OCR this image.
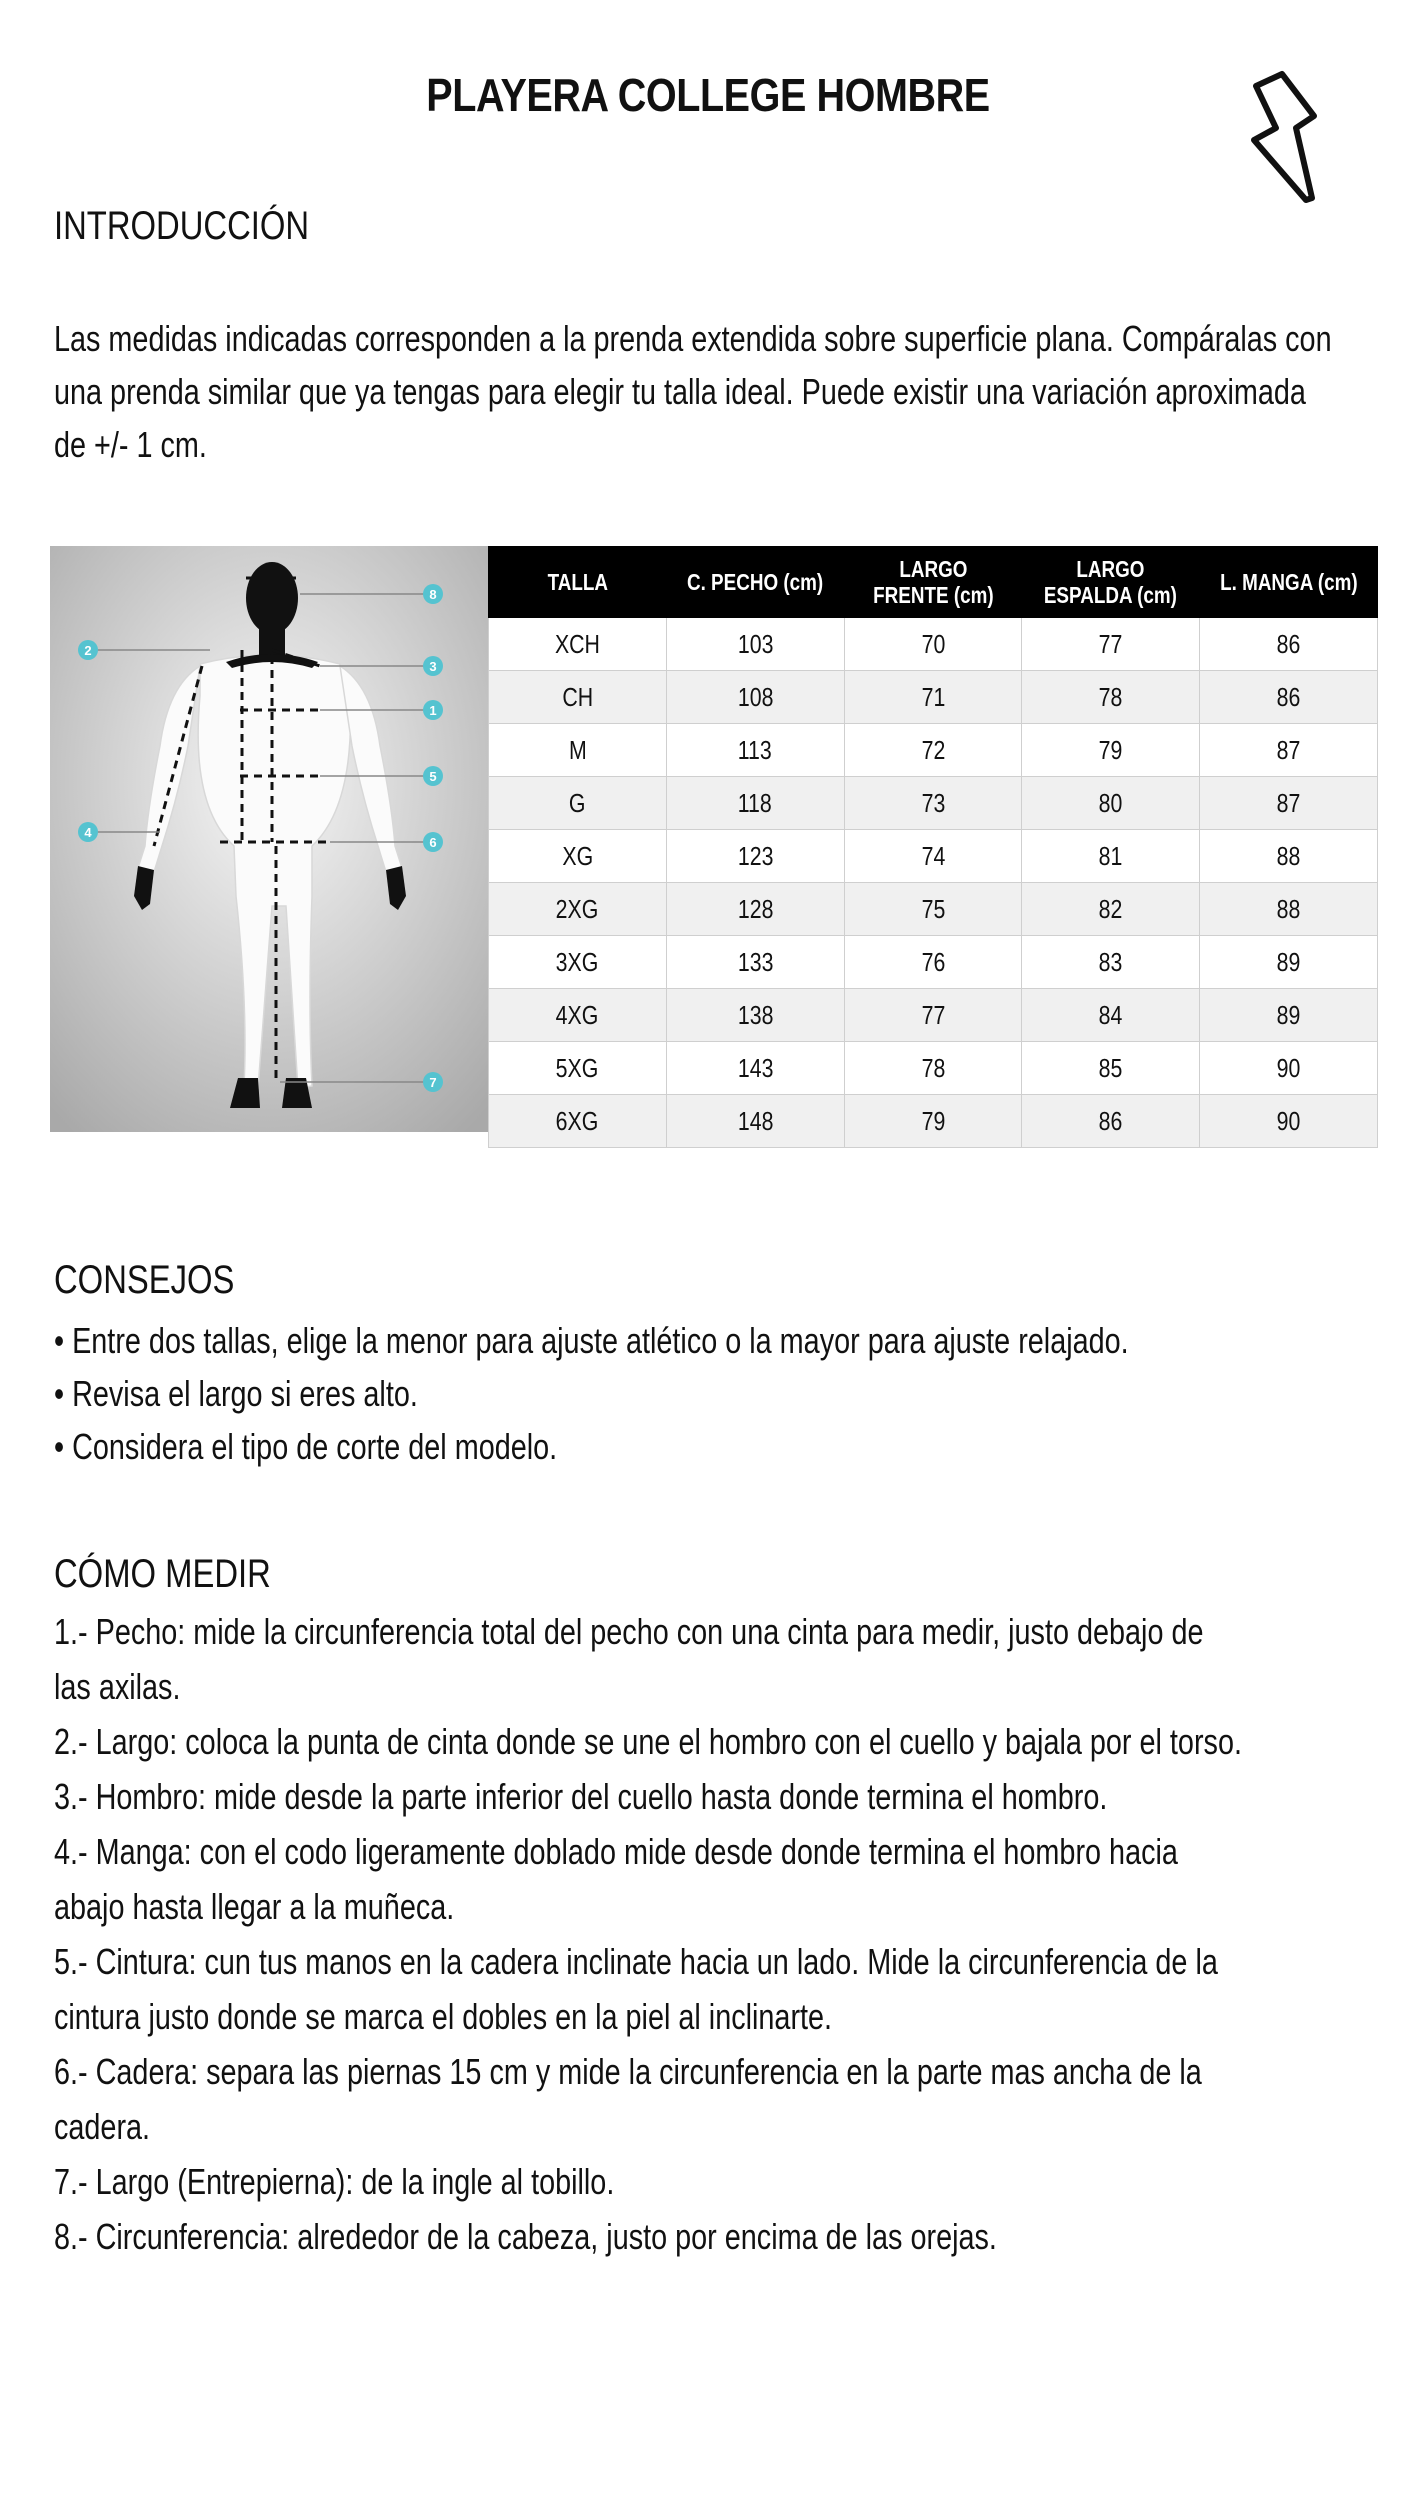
PLAYERA COLLEGE HOMBRE
INTRODUCCIÓN

Las medidas indicadas corresponden a la prenda extendida sobre superficie plana. Compáralas con
una prenda similar que ya tengas para elegir tu talla ideal. Puede existir una variación aproximada
de +/- 1 cm.

8
2
3
1
5
4
6
7
TALLA	C. PECHO (cm)	LARGO FRENTE (cm)	LARGO ESPALDA (cm)	L. MANGA (cm)
XCH	103	70	77	86
CH	108	71	78	86
M	113	72	79	87
G	118	73	80	87
XG	123	74	81	88
2XG	128	75	82	88
3XG	133	76	83	89
4XG	138	77	84	89
5XG	143	78	85	90
6XG	148	79	86	90
CONSEJOS

• Entre dos tallas, elige la menor para ajuste atlético o la mayor para ajuste relajado.
• Revisa el largo si eres alto.
• Considera el tipo de corte del modelo.

CÓMO MEDIR

1.- Pecho: mide la circunferencia total del pecho con una cinta para medir, justo debajo de
las axilas.
2.- Largo: coloca la punta de cinta donde se une el hombro con el cuello y bajala por el torso.
3.- Hombro: mide desde la parte inferior del cuello hasta donde termina el hombro.
4.- Manga: con el codo ligeramente doblado mide desde donde termina el hombro hacia
abajo hasta llegar a la muñeca.
5.- Cintura: cun tus manos en la cadera inclinate hacia un lado. Mide la circunferencia de la
cintura justo donde se marca el dobles en la piel al inclinarte.
6.- Cadera: separa las piernas 15 cm y mide la circunferencia en la parte mas ancha de la
cadera.
7.- Largo (Entrepierna): de la ingle al tobillo.
8.- Circunferencia: alrededor de la cabeza, justo por encima de las orejas.
